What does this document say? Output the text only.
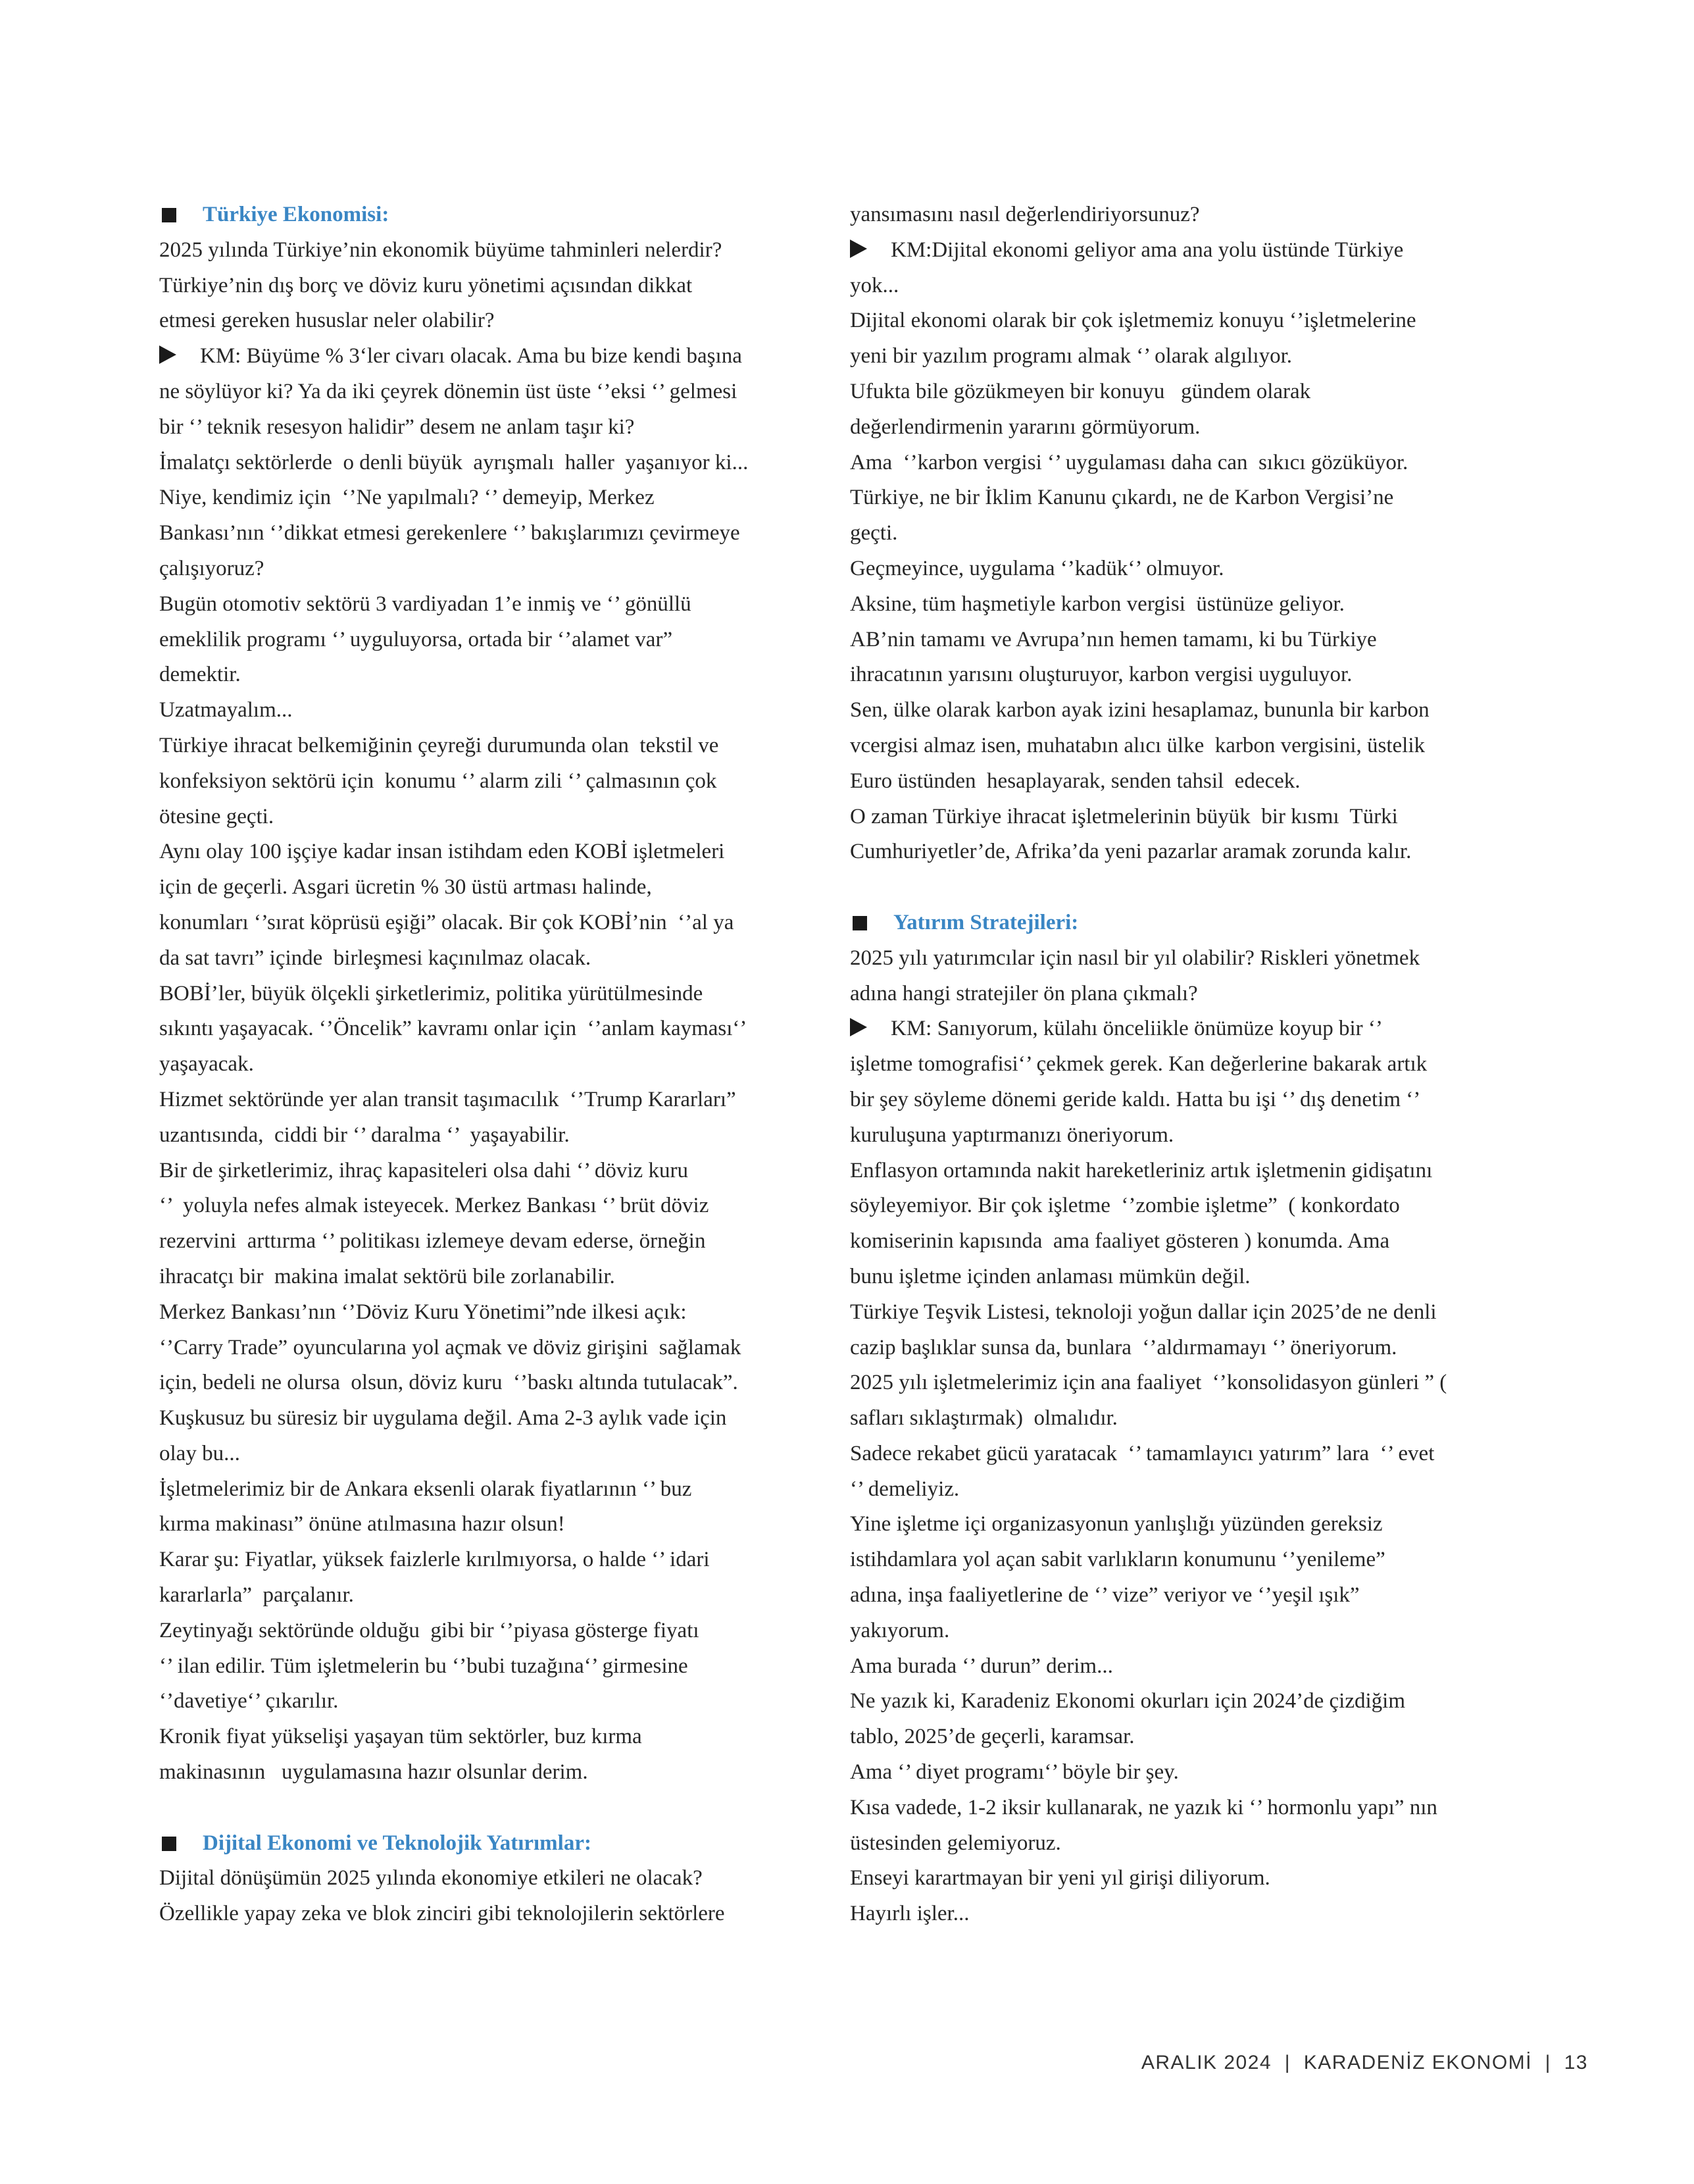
Türkiye Ekonomisi:
2025 yılında Türkiye’nin ekonomik büyüme tahminleri nelerdir?
Türkiye’nin dış borç ve döviz kuru yönetimi açısından dikkat
etmesi gereken hususlar neler olabilir?
KM: Büyüme % 3‘ler civarı olacak. Ama bu bize kendi başına
ne söylüyor ki? Ya da iki çeyrek dönemin üst üste ‘’eksi ‘’ gelmesi
bir ‘’ teknik resesyon halidir” desem ne anlam taşır ki?
İmalatçı sektörlerde  o denli büyük  ayrışmalı  haller  yaşanıyor ki...
Niye, kendimiz için  ‘’Ne yapılmalı? ‘’ demeyip, Merkez
Bankası’nın ‘’dikkat etmesi gerekenlere ‘’ bakışlarımızı çevirmeye
çalışıyoruz?
Bugün otomotiv sektörü 3 vardiyadan 1’e inmiş ve ‘’ gönüllü
emeklilik programı ‘’ uyguluyorsa, ortada bir ‘’alamet var”
demektir.
Uzatmayalım...
Türkiye ihracat belkemiğinin çeyreği durumunda olan  tekstil ve
konfeksiyon sektörü için  konumu ‘’ alarm zili ‘’ çalmasının çok
ötesine geçti.
Aynı olay 100 işçiye kadar insan istihdam eden KOBİ işletmeleri
için de geçerli. Asgari ücretin % 30 üstü artması halinde,
konumları ‘’sırat köprüsü eşiği” olacak. Bir çok KOBİ’nin  ‘’al ya
da sat tavrı” içinde  birleşmesi kaçınılmaz olacak.
BOBİ’ler, büyük ölçekli şirketlerimiz, politika yürütülmesinde
sıkıntı yaşayacak. ‘’Öncelik” kavramı onlar için  ‘’anlam kayması‘’
yaşayacak.
Hizmet sektöründe yer alan transit taşımacılık  ‘’Trump Kararları”
uzantısında,  ciddi bir ‘’ daralma ‘’  yaşayabilir.
Bir de şirketlerimiz, ihraç kapasiteleri olsa dahi ‘’ döviz kuru
‘’  yoluyla nefes almak isteyecek. Merkez Bankası ‘’ brüt döviz
rezervini  arttırma ‘’ politikası izlemeye devam ederse, örneğin
ihracatçı bir  makina imalat sektörü bile zorlanabilir.
Merkez Bankası’nın ‘’Döviz Kuru Yönetimi”nde ilkesi açık:
‘’Carry Trade” oyuncularına yol açmak ve döviz girişini  sağlamak
için, bedeli ne olursa  olsun, döviz kuru  ‘’baskı altında tutulacak”.
Kuşkusuz bu süresiz bir uygulama değil. Ama 2-3 aylık vade için
olay bu...
İşletmelerimiz bir de Ankara eksenli olarak fiyatlarının ‘’ buz
kırma makinası” önüne atılmasına hazır olsun!
Karar şu: Fiyatlar, yüksek faizlerle kırılmıyorsa, o halde ‘’ idari
kararlarla”  parçalanır.
Zeytinyağı sektöründe olduğu  gibi bir ‘’piyasa gösterge fiyatı
‘’ ilan edilir. Tüm işletmelerin bu ‘’bubi tuzağına‘’ girmesine
‘’davetiye‘’ çıkarılır.
Kronik fiyat yükselişi yaşayan tüm sektörler, buz kırma
makinasının   uygulamasına hazır olsunlar derim.
Dijital Ekonomi ve Teknolojik Yatırımlar:
Dijital dönüşümün 2025 yılında ekonomiye etkileri ne olacak?
Özellikle yapay zeka ve blok zinciri gibi teknolojilerin sektörlere
yansımasını nasıl değerlendiriyorsunuz?
KM:Dijital ekonomi geliyor ama ana yolu üstünde Türkiye
yok...
Dijital ekonomi olarak bir çok işletmemiz konuyu ‘’işletmelerine
yeni bir yazılım programı almak ‘’ olarak algılıyor.
Ufukta bile gözükmeyen bir konuyu   gündem olarak
değerlendirmenin yararını görmüyorum.
Ama  ‘’karbon vergisi ‘’ uygulaması daha can  sıkıcı gözüküyor.
Türkiye, ne bir İklim Kanunu çıkardı, ne de Karbon Vergisi’ne
geçti.
Geçmeyince, uygulama ‘’kadük‘’ olmuyor.
Aksine, tüm haşmetiyle karbon vergisi  üstünüze geliyor.
AB’nin tamamı ve Avrupa’nın hemen tamamı, ki bu Türkiye
ihracatının yarısını oluşturuyor, karbon vergisi uyguluyor.
Sen, ülke olarak karbon ayak izini hesaplamaz, bununla bir karbon
vcergisi almaz isen, muhatabın alıcı ülke  karbon vergisini, üstelik
Euro üstünden  hesaplayarak, senden tahsil  edecek.
O zaman Türkiye ihracat işletmelerinin büyük  bir kısmı  Türki
Cumhuriyetler’de, Afrika’da yeni pazarlar aramak zorunda kalır.
Yatırım Stratejileri:
2025 yılı yatırımcılar için nasıl bir yıl olabilir? Riskleri yönetmek
adına hangi stratejiler ön plana çıkmalı?
KM: Sanıyorum, külahı önceliikle önümüze koyup bir ‘’
işletme tomografisi‘’ çekmek gerek. Kan değerlerine bakarak artık
bir şey söyleme dönemi geride kaldı. Hatta bu işi ‘’ dış denetim ‘’
kuruluşuna yaptırmanızı öneriyorum.
Enflasyon ortamında nakit hareketleriniz artık işletmenin gidişatını
söyleyemiyor. Bir çok işletme  ‘’zombie işletme”  ( konkordato
komiserinin kapısında  ama faaliyet gösteren ) konumda. Ama
bunu işletme içinden anlaması mümkün değil.
Türkiye Teşvik Listesi, teknoloji yoğun dallar için 2025’de ne denli
cazip başlıklar sunsa da, bunlara  ‘’aldırmamayı ‘’ öneriyorum.
2025 yılı işletmelerimiz için ana faaliyet  ‘’konsolidasyon günleri ” (
safları sıklaştırmak)  olmalıdır.
Sadece rekabet gücü yaratacak  ‘’ tamamlayıcı yatırım” lara  ‘’ evet
‘’ demeliyiz.
Yine işletme içi organizasyonun yanlışlığı yüzünden gereksiz
istihdamlara yol açan sabit varlıkların konumunu ‘’yenileme”
adına, inşa faaliyetlerine de ‘’ vize” veriyor ve ‘’yeşil ışık”
yakıyorum.
Ama burada ‘’ durun” derim...
Ne yazık ki, Karadeniz Ekonomi okurları için 2024’de çizdiğim
tablo, 2025’de geçerli, karamsar.
Ama ‘’ diyet programı‘’ böyle bir şey.
Kısa vadede, 1-2 iksir kullanarak, ne yazık ki ‘’ hormonlu yapı” nın
üstesinden gelemiyoruz.
Enseyi karartmayan bir yeni yıl girişi diliyorum.
Hayırlı işler...
ARALIK 2024  |  KARADENİZ EKONOMİ  |  13
